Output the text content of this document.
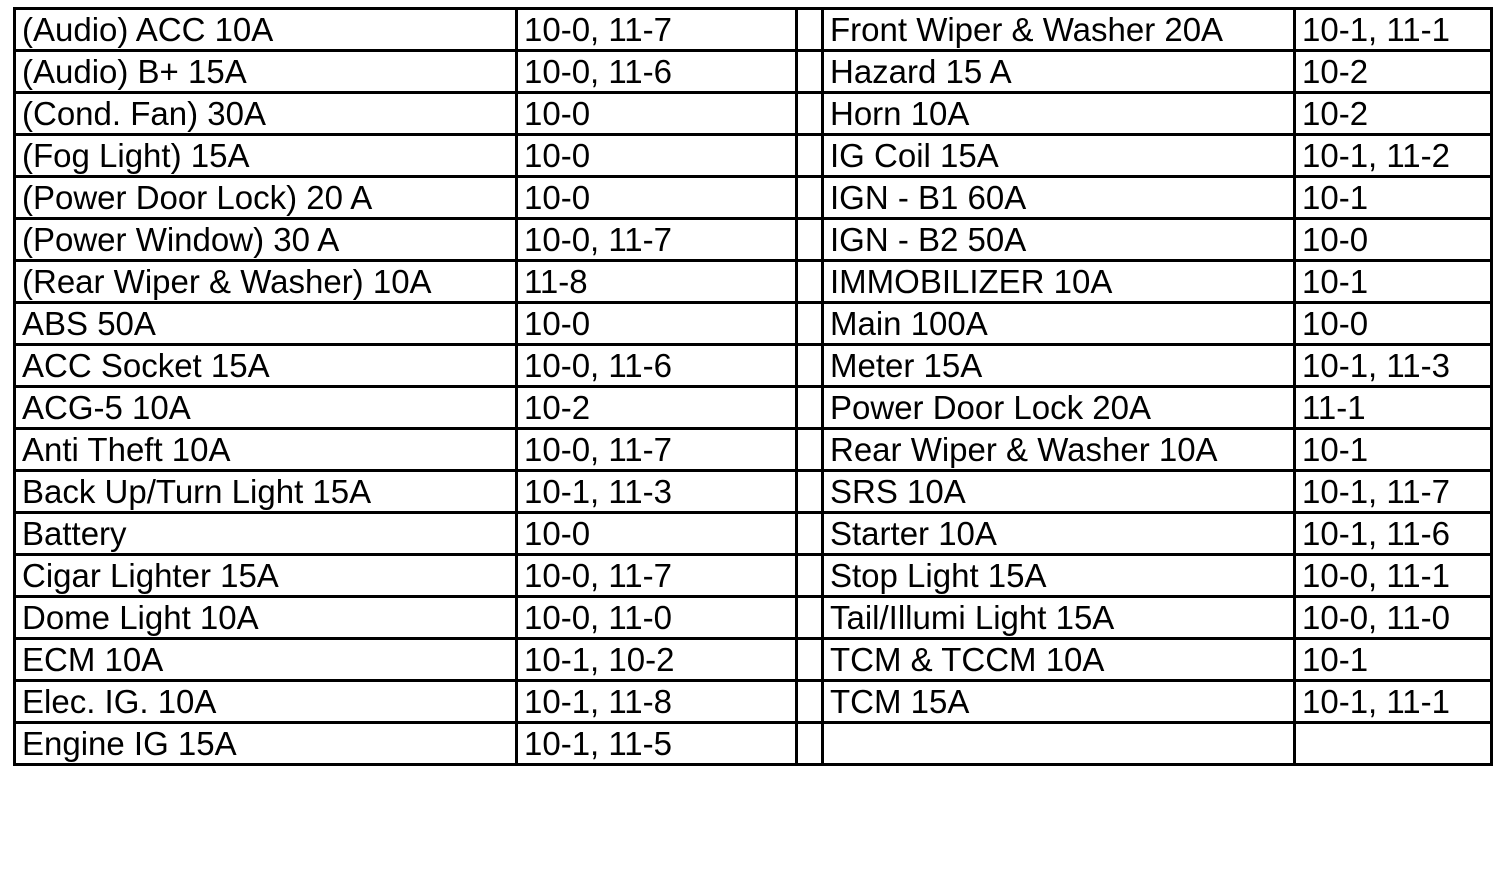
(Audio) ACC 10A	10-0, 11-7		Front Wiper & Washer 20A	10-1, 11-1
(Audio) B+ 15A	10-0, 11-6		Hazard 15 A	10-2
(Cond. Fan) 30A	10-0		Horn 10A	10-2
(Fog Light) 15A	10-0		IG Coil 15A	10-1, 11-2
(Power Door Lock) 20 A	10-0		IGN - B1 60A	10-1
(Power Window) 30 A	10-0, 11-7		IGN - B2 50A	10-0
(Rear Wiper & Washer) 10A	11-8		IMMOBILIZER 10A	10-1
ABS 50A	10-0		Main 100A	10-0
ACC Socket 15A	10-0, 11-6		Meter 15A	10-1, 11-3
ACG-5 10A	10-2		Power Door Lock 20A	11-1
Anti Theft 10A	10-0, 11-7		Rear Wiper & Washer 10A	10-1
Back Up/Turn Light 15A	10-1, 11-3		SRS 10A	10-1, 11-7
Battery	10-0		Starter 10A	10-1, 11-6
Cigar Lighter 15A	10-0, 11-7		Stop Light 15A	10-0, 11-1
Dome Light 10A	10-0, 11-0		Tail/Illumi Light 15A	10-0, 11-0
ECM 10A	10-1, 10-2		TCM & TCCM 10A	10-1
Elec. IG. 10A	10-1, 11-8		TCM 15A	10-1, 11-1
Engine IG 15A	10-1, 11-5			
